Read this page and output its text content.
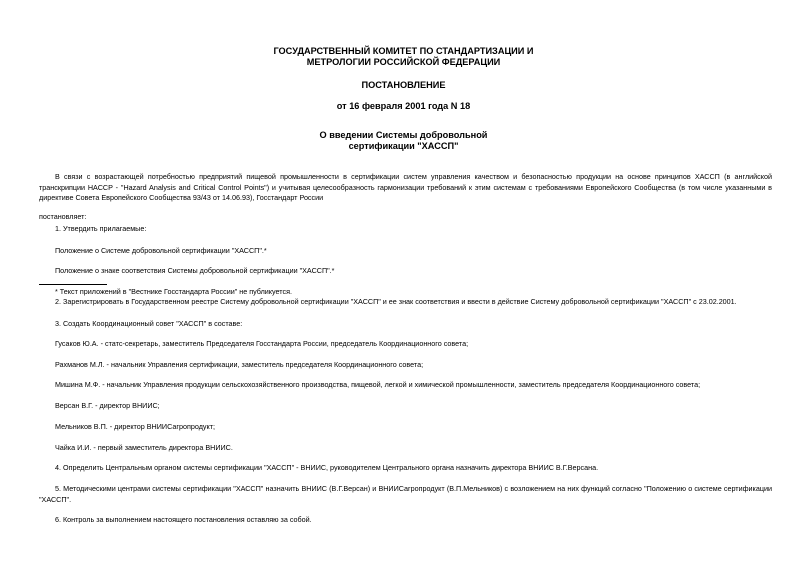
ГОСУДАРСТВЕННЫЙ КОМИТЕТ ПО СТАНДАРТИЗАЦИИ И
МЕТРОЛОГИИ РОССИЙСКОЙ ФЕДЕРАЦИИ
ПОСТАНОВЛЕНИЕ
от 16 февраля 2001 года N 18
О введении Системы добровольной
сертификации "ХАССП"
В связи с возрастающей потребностью предприятий пищевой промышленности в сертификации систем управления качеством и безопасностью продукции на основе принципов ХАССП (в английской транскрипции НАССР - "Hazard Analysis and Critical Control Points") и учитывая целесообразность гармонизации требований к этим системам с требованиями Европейского Сообщества (в том числе указанными в директиве Совета Европейского Сообщества 93/43 от 14.06.93), Госстандарт России
постановляет:
1. Утвердить прилагаемые:
Положение о Системе добровольной сертификации "ХАССП".*
Положение о знаке соответствия Системы добровольной сертификации "ХАССП".*
* Текст приложений в "Вестнике Госстандарта России" не публикуется.
2. Зарегистрировать в Государственном реестре Систему добровольной сертификации "ХАССП" и ее знак соответствия и ввести в действие Систему добровольной сертификации "ХАССП" с 23.02.2001.
3. Создать Координационный совет "ХАССП" в составе:
Гусаков Ю.А. - статс-секретарь, заместитель Председателя Госстандарта России, председатель Координационного совета;
Рахманов М.Л. - начальник Управления сертификации, заместитель председателя Координационного совета;
Мишина М.Ф. - начальник Управления продукции сельскохозяйственного производства, пищевой, легкой и химической промышленности, заместитель председателя Координационного совета;
Версан В.Г. - директор ВНИИС;
Мельников В.П. - директор ВНИИСагропродукт;
Чайка И.И. - первый заместитель директора ВНИИС.
4. Определить Центральным органом системы сертификации "ХАССП" - ВНИИС, руководителем Центрального органа назначить директора ВНИИС В.Г.Версана.
5. Методическими центрами системы сертификации "ХАССП" назначить ВНИИС (В.Г.Версан) и ВНИИСагропродукт (В.П.Мельников) с возложением на них функций согласно "Положению о системе сертификации "ХАССП".
6. Контроль за выполнением настоящего постановления оставляю за собой.
